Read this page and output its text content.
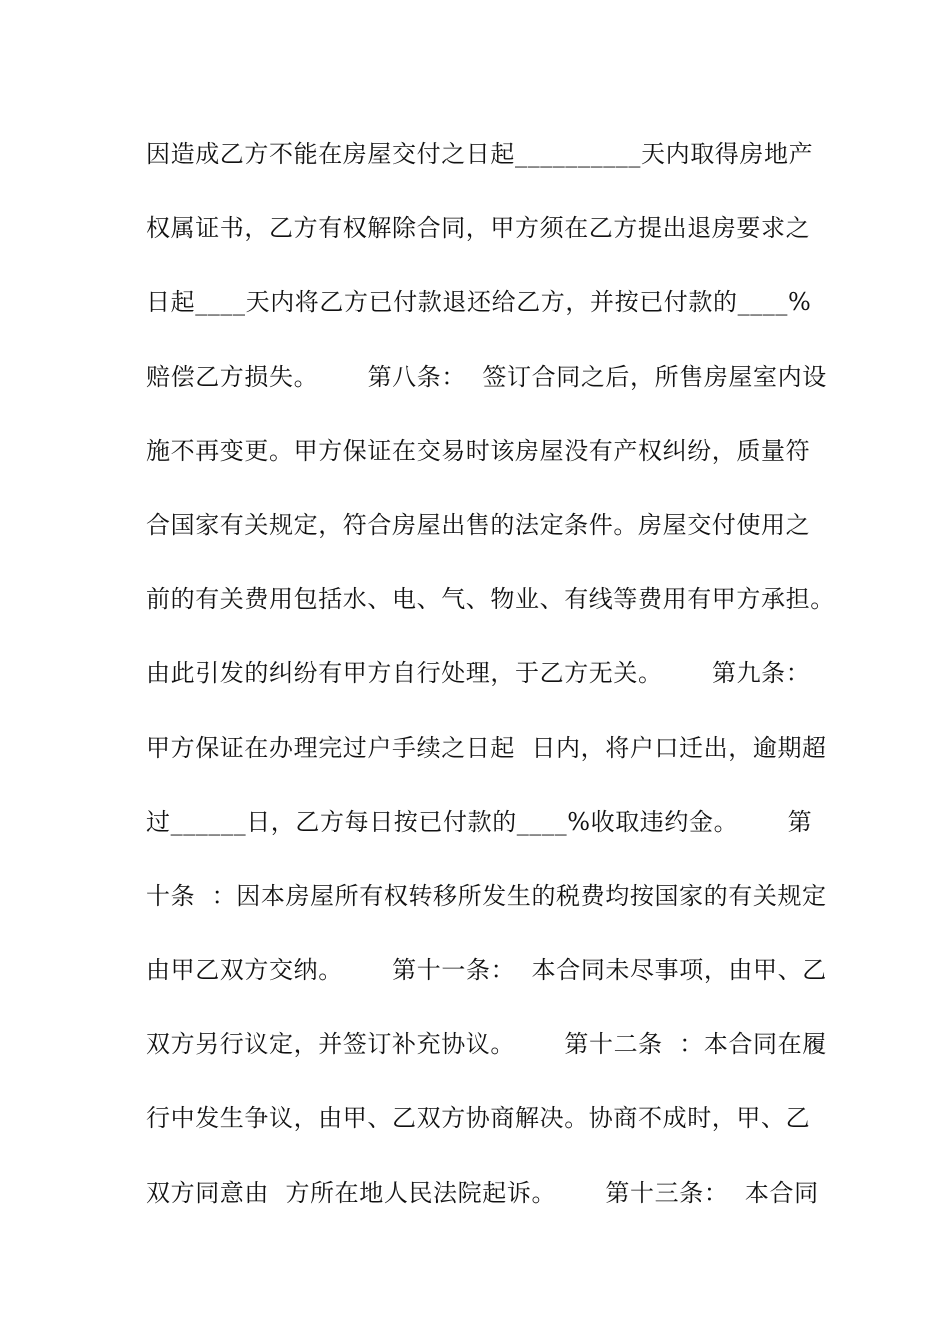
因造成乙方不能在房屋交付之日起__________天内取得房地产
权属证书，乙方有权解除合同，甲方须在乙方提出退房要求之
日起____天内将乙方已付款退还给乙方，并按已付款的____%
赔偿乙方损失。      第八条：  签订合同之后，所售房屋室内设
施不再变更。甲方保证在交易时该房屋没有产权纠纷，质量符
合国家有关规定，符合房屋出售的法定条件。房屋交付使用之
前的有关费用包括水、电、气、物业、有线等费用有甲方承担。
由此引发的纠纷有甲方自行处理，于乙方无关。      第九条：
甲方保证在办理完过户手续之日起  日内，将户口迁出，逾期超
过______日，乙方每日按已付款的____%收取违约金。      第
十条  ：因本房屋所有权转移所发生的税费均按国家的有关规定
由甲乙双方交纳。      第十一条：  本合同未尽事项，由甲、乙
双方另行议定，并签订补充协议。      第十二条  ：本合同在履
行中发生争议，由甲、乙双方协商解决。协商不成时，甲、乙
双方同意由  方所在地人民法院起诉。      第十三条：  本合同
